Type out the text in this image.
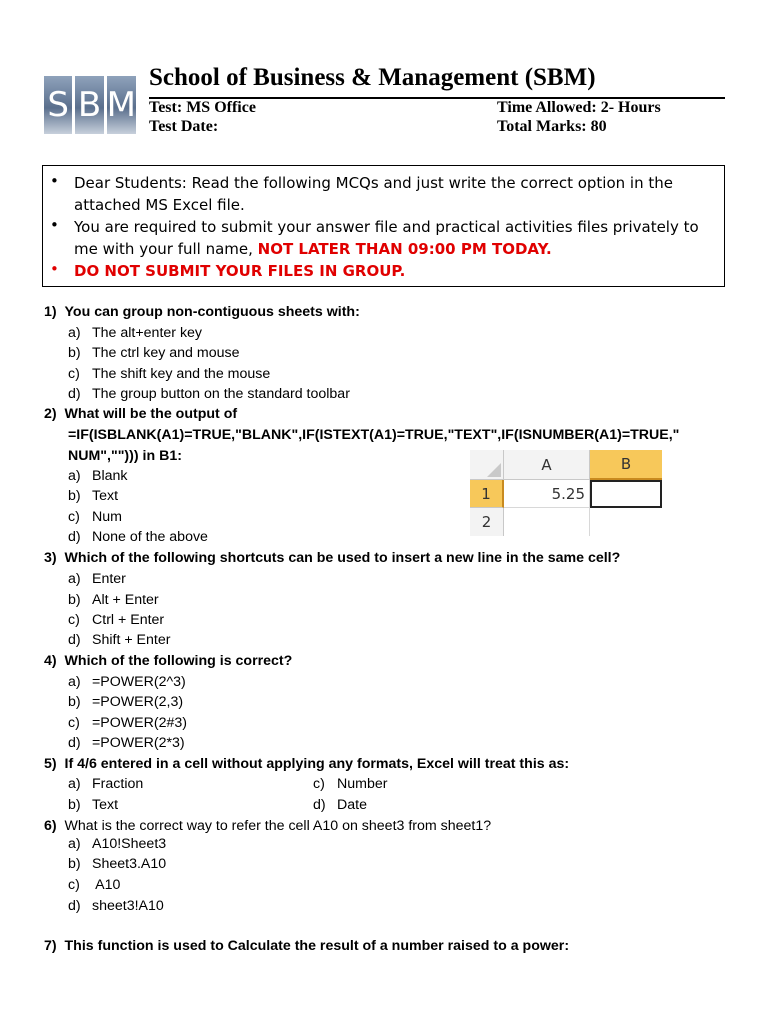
S B M
School of Business & Management (SBM)
Test: MS Office
Test Date:
Time Allowed: 2- Hours
Total Marks: 80
• Dear Students: Read the following MCQs and just write the correct option in the attached MS Excel file.
• You are required to submit your answer file and practical activities files privately to me with your full name, NOT LATER THAN 09:00 PM TODAY.
• DO NOT SUBMIT YOUR FILES IN GROUP.
1) You can group non-contiguous sheets with:
a) The alt+enter key
b) The ctrl key and mouse
c) The shift key and the mouse
d) The group button on the standard toolbar
2) What will be the output of
=IF(ISBLANK(A1)=TRUE,"BLANK",IF(ISTEXT(A1)=TRUE,"TEXT",IF(ISNUMBER(A1)=TRUE,"
NUM",""))) in B1:
a) Blank
b) Text
c) Num
d) None of the above
A	B
1	5.25
2
3) Which of the following shortcuts can be used to insert a new line in the same cell?
a) Enter
b) Alt + Enter
c) Ctrl + Enter
d) Shift + Enter
4) Which of the following is correct?
a) =POWER(2^3)
b) =POWER(2,3)
c) =POWER(2#3)
d) =POWER(2*3)
5) If 4/6 entered in a cell without applying any formats, Excel will treat this as:
a) Fraction	c) Number
b) Text	d) Date
6) What is the correct way to refer the cell A10 on sheet3 from sheet1?
a) A10!Sheet3
b) Sheet3.A10
c) A10
d) sheet3!A10
7) This function is used to Calculate the result of a number raised to a power:
